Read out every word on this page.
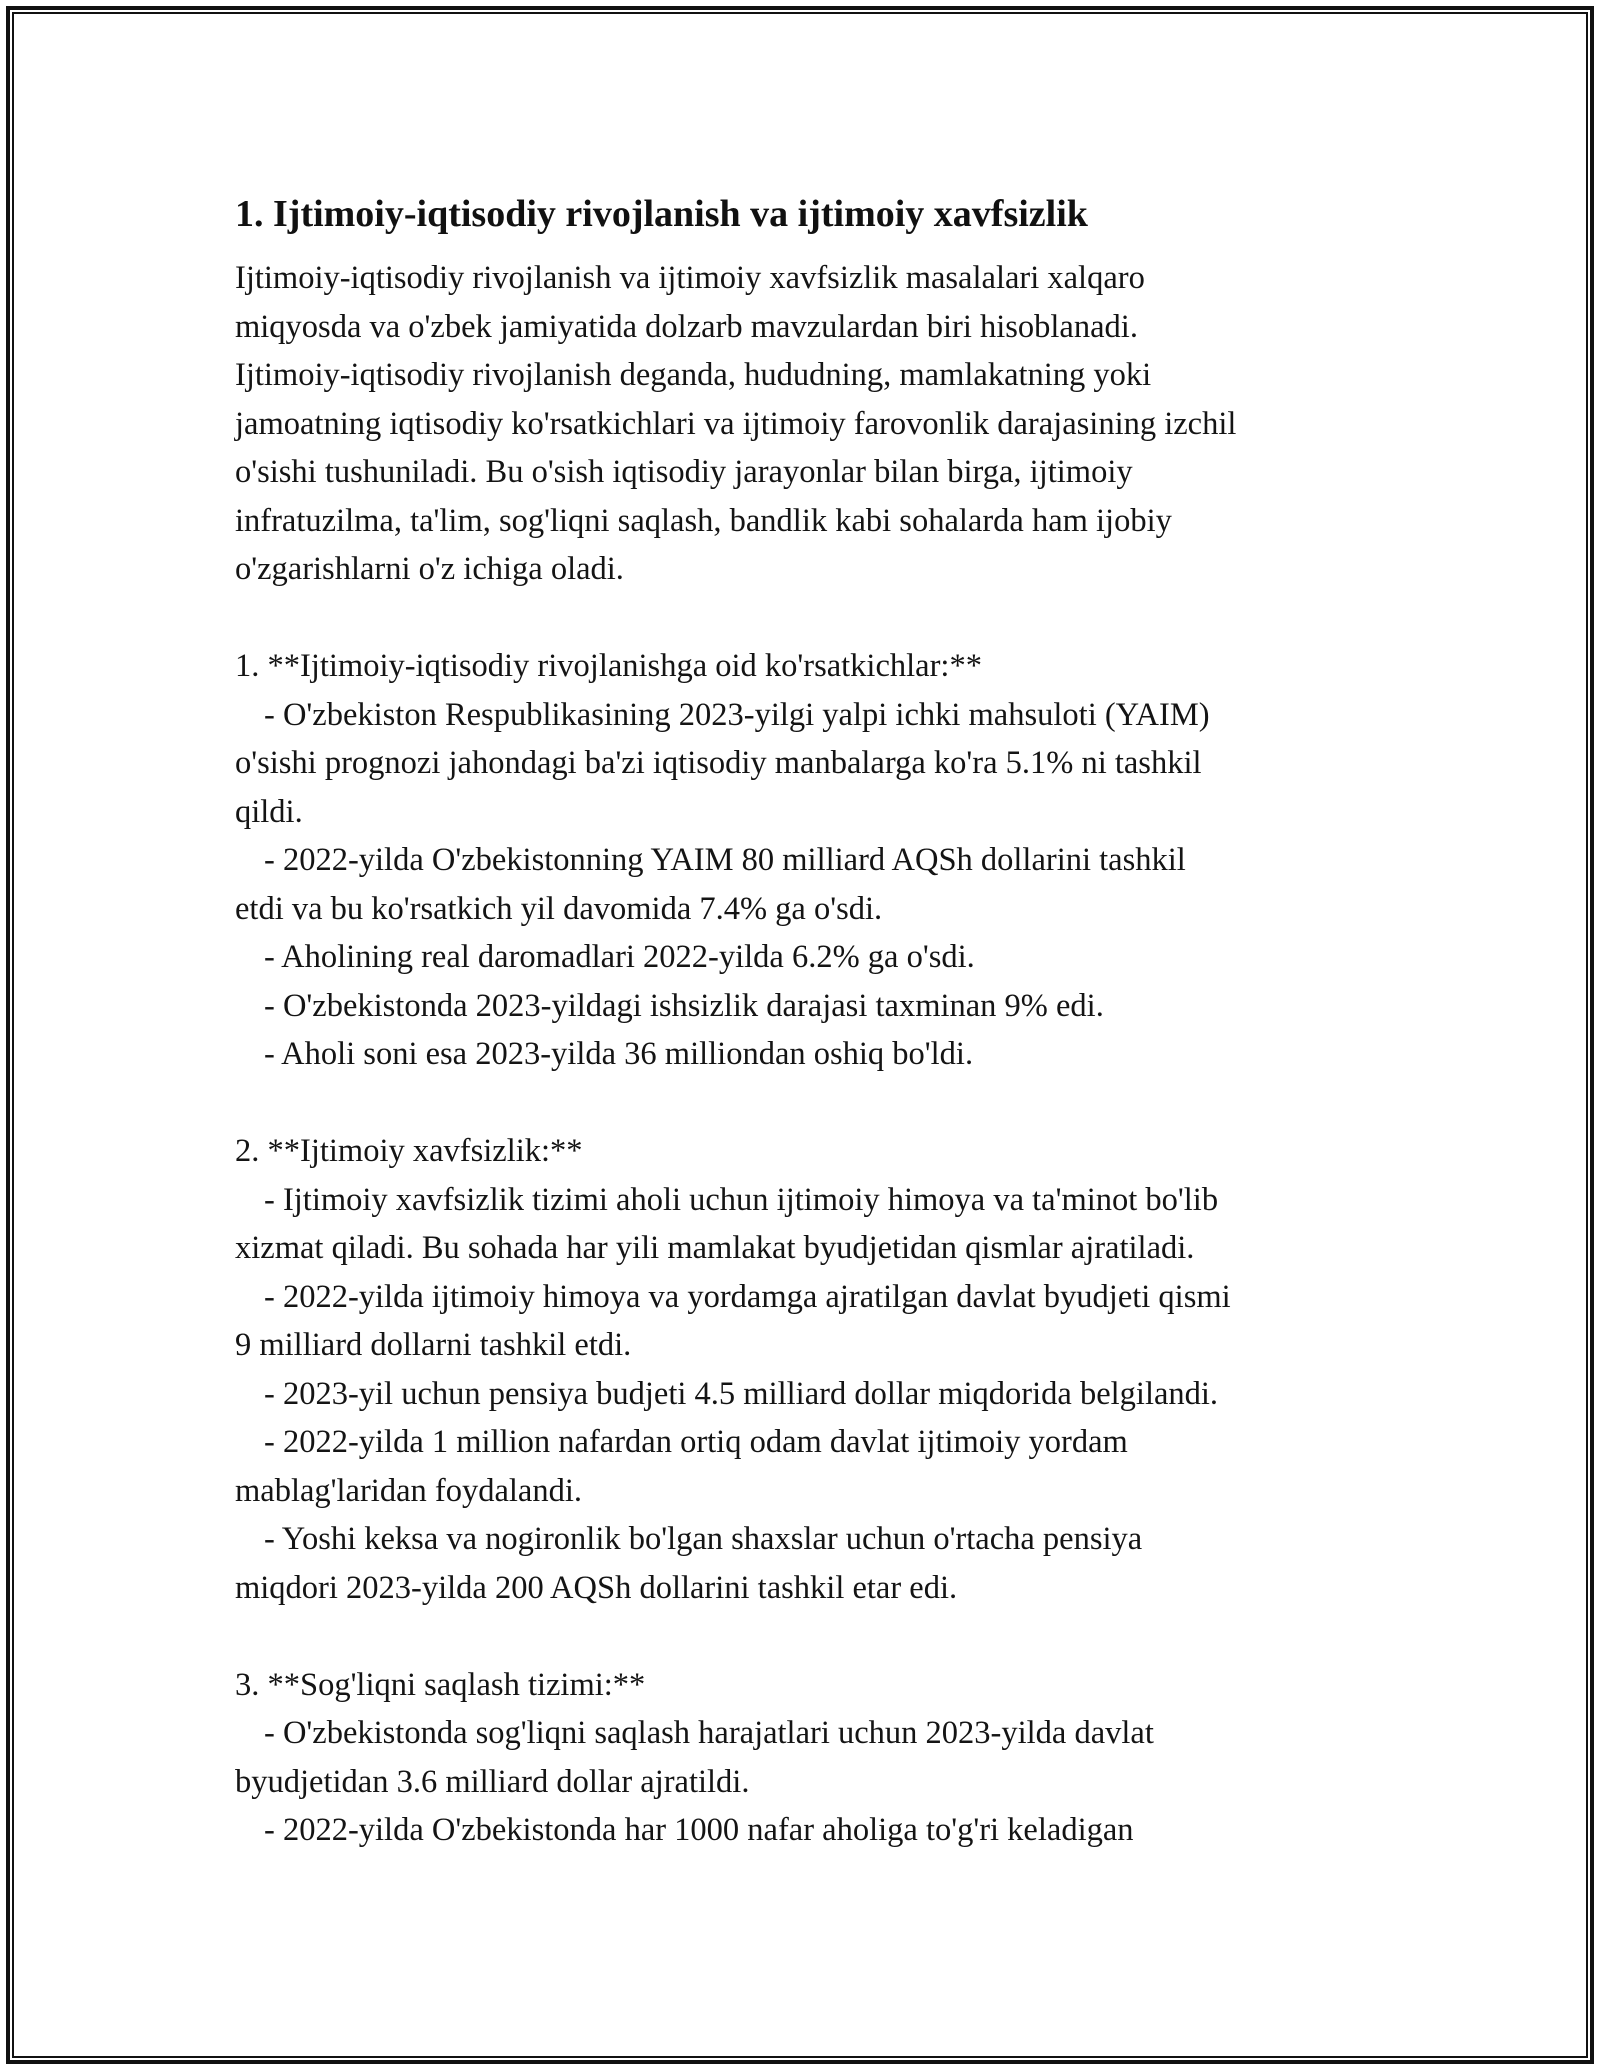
1. Ijtimoiy-iqtisodiy rivojlanish va ijtimoiy xavfsizlik
Ijtimoiy-iqtisodiy rivojlanish va ijtimoiy xavfsizlik masalalari xalqaro
miqyosda va o'zbek jamiyatida dolzarb mavzulardan biri hisoblanadi.
Ijtimoiy-iqtisodiy rivojlanish deganda, hududning, mamlakatning yoki
jamoatning iqtisodiy ko'rsatkichlari va ijtimoiy farovonlik darajasining izchil
o'sishi tushuniladi. Bu o'sish iqtisodiy jarayonlar bilan birga, ijtimoiy
infratuzilma, ta'lim, sog'liqni saqlash, bandlik kabi sohalarda ham ijobiy
o'zgarishlarni o'z ichiga oladi.
1. **Ijtimoiy-iqtisodiy rivojlanishga oid ko'rsatkichlar:**
- O'zbekiston Respublikasining 2023-yilgi yalpi ichki mahsuloti (YAIM)
o'sishi prognozi jahondagi ba'zi iqtisodiy manbalarga ko'ra 5.1% ni tashkil
qildi.
- 2022-yilda O'zbekistonning YAIM 80 milliard AQSh dollarini tashkil
etdi va bu ko'rsatkich yil davomida 7.4% ga o'sdi.
- Aholining real daromadlari 2022-yilda 6.2% ga o'sdi.
- O'zbekistonda 2023-yildagi ishsizlik darajasi taxminan 9% edi.
- Aholi soni esa 2023-yilda 36 milliondan oshiq bo'ldi.
2. **Ijtimoiy xavfsizlik:**
- Ijtimoiy xavfsizlik tizimi aholi uchun ijtimoiy himoya va ta'minot bo'lib
xizmat qiladi. Bu sohada har yili mamlakat byudjetidan qismlar ajratiladi.
- 2022-yilda ijtimoiy himoya va yordamga ajratilgan davlat byudjeti qismi
9 milliard dollarni tashkil etdi.
- 2023-yil uchun pensiya budjeti 4.5 milliard dollar miqdorida belgilandi.
- 2022-yilda 1 million nafardan ortiq odam davlat ijtimoiy yordam
mablag'laridan foydalandi.
- Yoshi keksa va nogironlik bo'lgan shaxslar uchun o'rtacha pensiya
miqdori 2023-yilda 200 AQSh dollarini tashkil etar edi.
3. **Sog'liqni saqlash tizimi:**
- O'zbekistonda sog'liqni saqlash harajatlari uchun 2023-yilda davlat
byudjetidan 3.6 milliard dollar ajratildi.
- 2022-yilda O'zbekistonda har 1000 nafar aholiga to'g'ri keladigan
